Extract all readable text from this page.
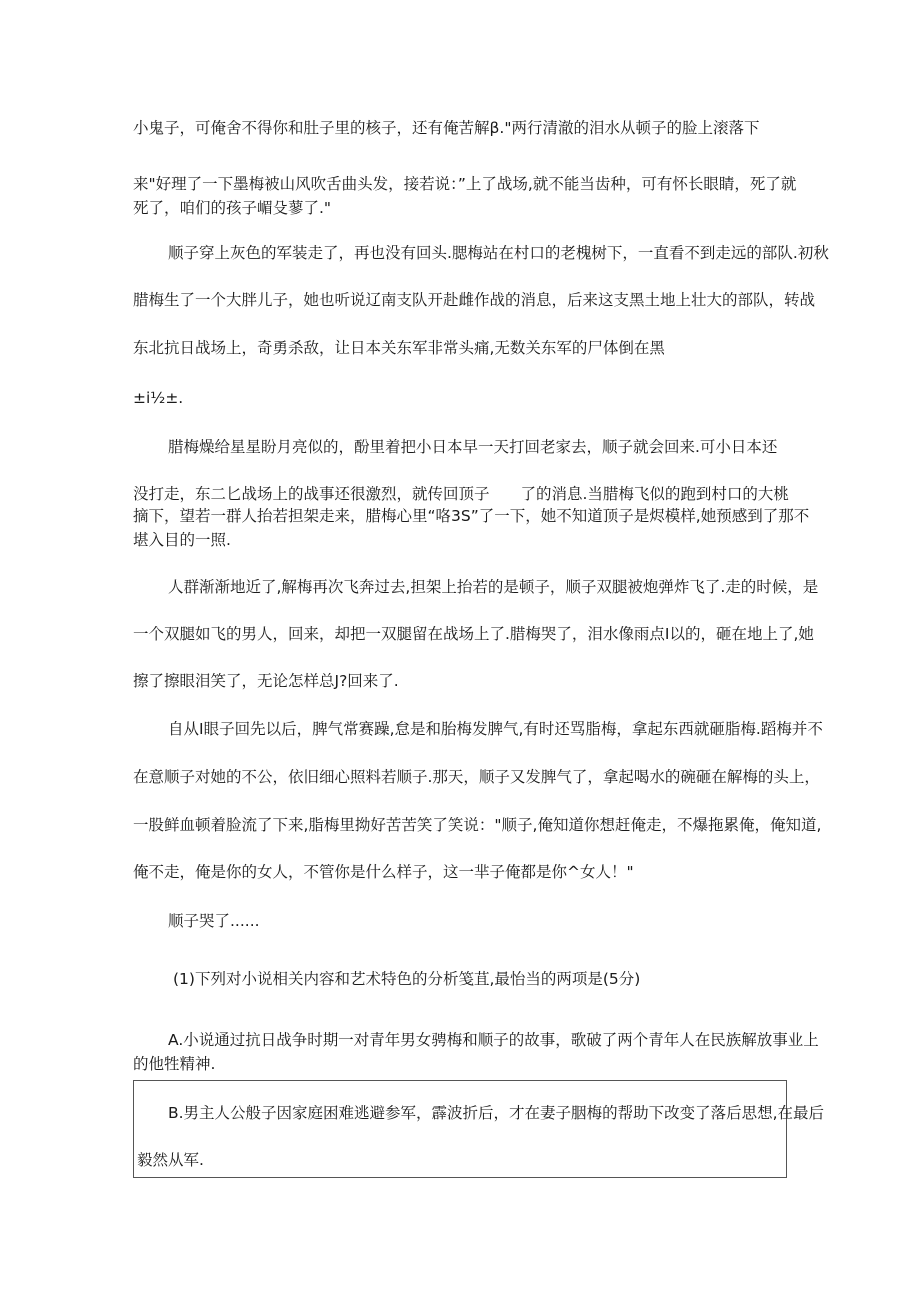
小鬼子，可俺舍不得你和肚子里的核子，还有俺苦解β."两行清澈的泪水从顿子的脸上滚落下

来"好理了一下墨梅被山风吹舌曲头发，接若说：”上了战场,就不能当齿种，可有怀长眼睛，死了就

死了，咱们的孩子嵋殳蓼了."

顺子穿上灰色的军装走了，再也没有回头.腮梅站在村口的老槐树下，一直看不到走远的部队.初秋

腊梅生了一个大胖儿子，她也听说辽南支队开赴雌作战的消息，后来这支黑土地上壮大的部队，转战

东北抗日战场上，奇勇杀敌，让日本关东军非常头痛,无数关东军的尸体倒在黑

±i½±.

腊梅燥给星星盼月亮似的，酚里着把小日本早一天打回老家去，顺子就会回来.可小日本还

没打走，东二匕战场上的战事还很激烈，就传回顶子　　了的消息.当腊梅飞似的跑到村口的大桃

摘下，望若一群人抬若担架走来，腊梅心里“咯3S”了一下，她不知道顶子是烬模样,她预感到了那不

堪入目的一照.

人群渐渐地近了,解梅再次飞奔过去,担架上抬若的是顿子，顺子双腿被炮弹炸飞了.走的时候，是

一个双腿如飞的男人，回来，却把一双腿留在战场上了.腊梅哭了，泪水像雨点I以的，砸在地上了,她

擦了擦眼泪笑了，无论怎样总J?回来了.

自从I眼子回先以后，脾气常赛躁,怠是和胎梅发脾气,有时还骂脂梅，拿起东西就砸脂梅.蹈梅并不

在意顺子对她的不公，依旧细心照料若顺子.那天，顺子又发脾气了，拿起喝水的碗砸在解梅的头上，

一股鲜血顿着脸流了下来,脂梅里拗好苦苦笑了笑说："顺子,俺知道你想赶俺走，不爆拖累俺，俺知道,

俺不走，俺是你的女人，不管你是什么样子，这一芈子俺都是你^女人！"

顺子哭了......

(1)下列对小说相关内容和艺术特色的分析笺苴,最怡当的两项是(5分)

A.小说通过抗日战争时期一对青年男女骋梅和顺子的故事，歌破了两个青年人在民族解放事业上

的他牲精神.

B.男主人公般子因家庭困难逃避参军，霹波折后，才在妻子胭梅的帮助下改变了落后思想,在最后

毅然从军.
